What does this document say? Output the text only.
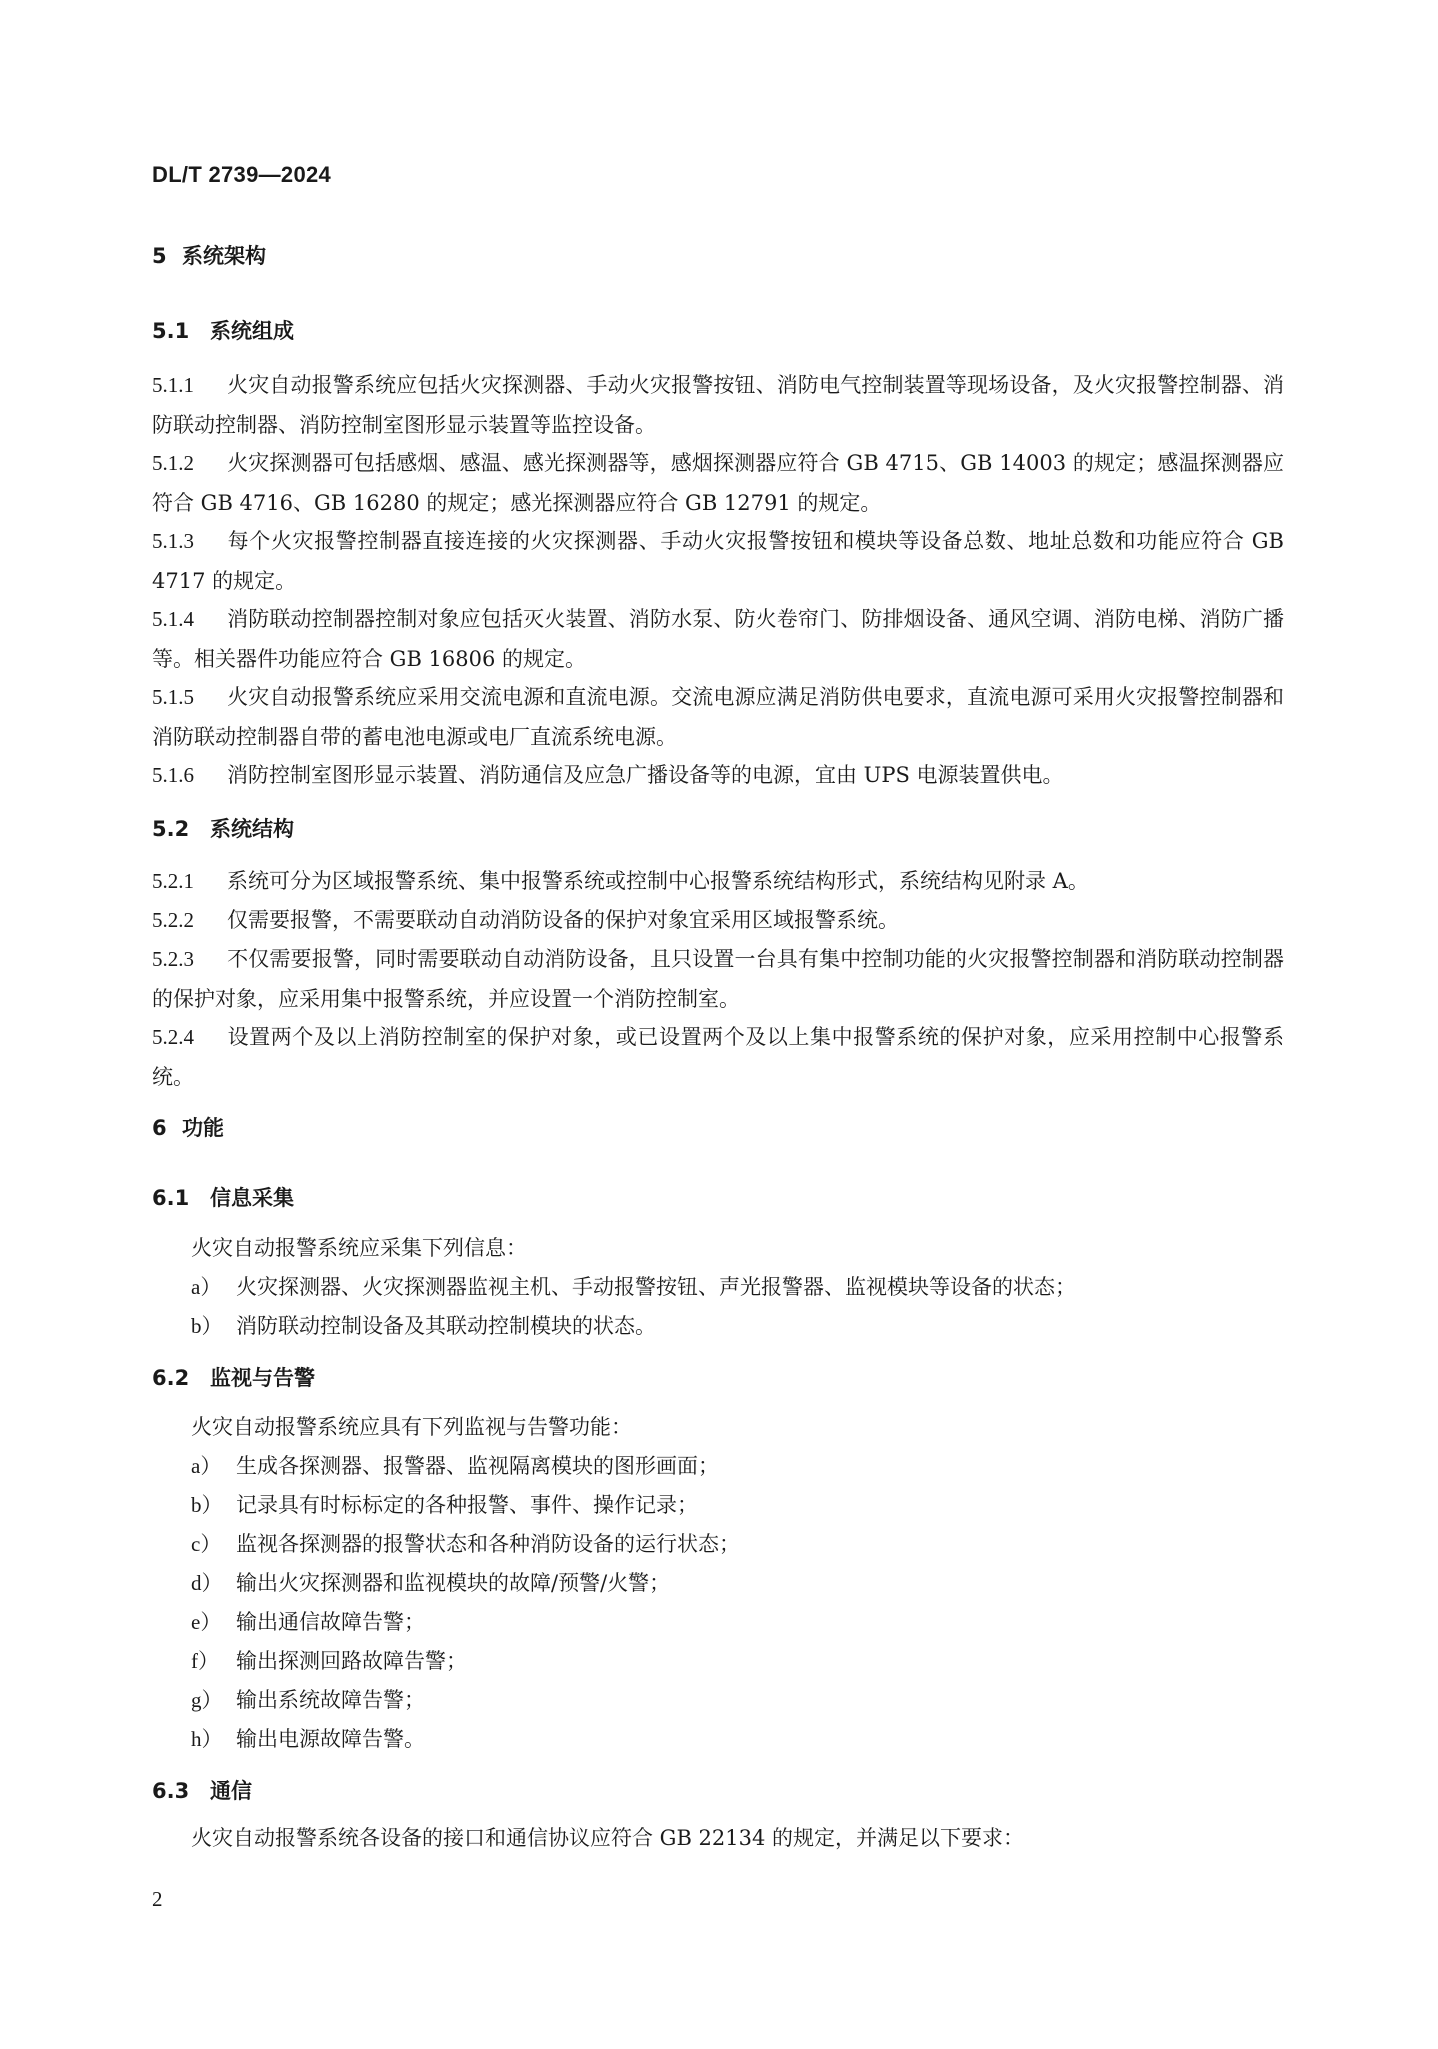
DL/T 2739—2024
5 系统架构
5.1 系统组成
5.1.1 火灾自动报警系统应包括火灾探测器、手动火灾报警按钮、消防电气控制装置等现场设备，及火灾报警控制器、消防联动控制器、消防控制室图形显示装置等监控设备。
5.1.2 火灾探测器可包括感烟、感温、感光探测器等，感烟探测器应符合 GB 4715、GB 14003 的规定；感温探测器应符合 GB 4716、GB 16280 的规定；感光探测器应符合 GB 12791 的规定。
5.1.3 每个火灾报警控制器直接连接的火灾探测器、手动火灾报警按钮和模块等设备总数、地址总数和功能应符合 GB 4717 的规定。
5.1.4 消防联动控制器控制对象应包括灭火装置、消防水泵、防火卷帘门、防排烟设备、通风空调、消防电梯、消防广播等。相关器件功能应符合 GB 16806 的规定。
5.1.5 火灾自动报警系统应采用交流电源和直流电源。交流电源应满足消防供电要求，直流电源可采用火灾报警控制器和消防联动控制器自带的蓄电池电源或电厂直流系统电源。
5.1.6 消防控制室图形显示装置、消防通信及应急广播设备等的电源，宜由 UPS 电源装置供电。
5.2 系统结构
5.2.1 系统可分为区域报警系统、集中报警系统或控制中心报警系统结构形式，系统结构见附录 A。
5.2.2 仅需要报警，不需要联动自动消防设备的保护对象宜采用区域报警系统。
5.2.3 不仅需要报警，同时需要联动自动消防设备，且只设置一台具有集中控制功能的火灾报警控制器和消防联动控制器的保护对象，应采用集中报警系统，并应设置一个消防控制室。
5.2.4 设置两个及以上消防控制室的保护对象，或已设置两个及以上集中报警系统的保护对象，应采用控制中心报警系统。
6 功能
6.1 信息采集
火灾自动报警系统应采集下列信息：
a） 火灾探测器、火灾探测器监视主机、手动报警按钮、声光报警器、监视模块等设备的状态；
b） 消防联动控制设备及其联动控制模块的状态。
6.2 监视与告警
火灾自动报警系统应具有下列监视与告警功能：
a） 生成各探测器、报警器、监视隔离模块的图形画面；
b） 记录具有时标标定的各种报警、事件、操作记录；
c） 监视各探测器的报警状态和各种消防设备的运行状态；
d） 输出火灾探测器和监视模块的故障/预警/火警；
e） 输出通信故障告警；
f） 输出探测回路故障告警；
g） 输出系统故障告警；
h） 输出电源故障告警。
6.3 通信
火灾自动报警系统各设备的接口和通信协议应符合 GB 22134 的规定，并满足以下要求：
2
